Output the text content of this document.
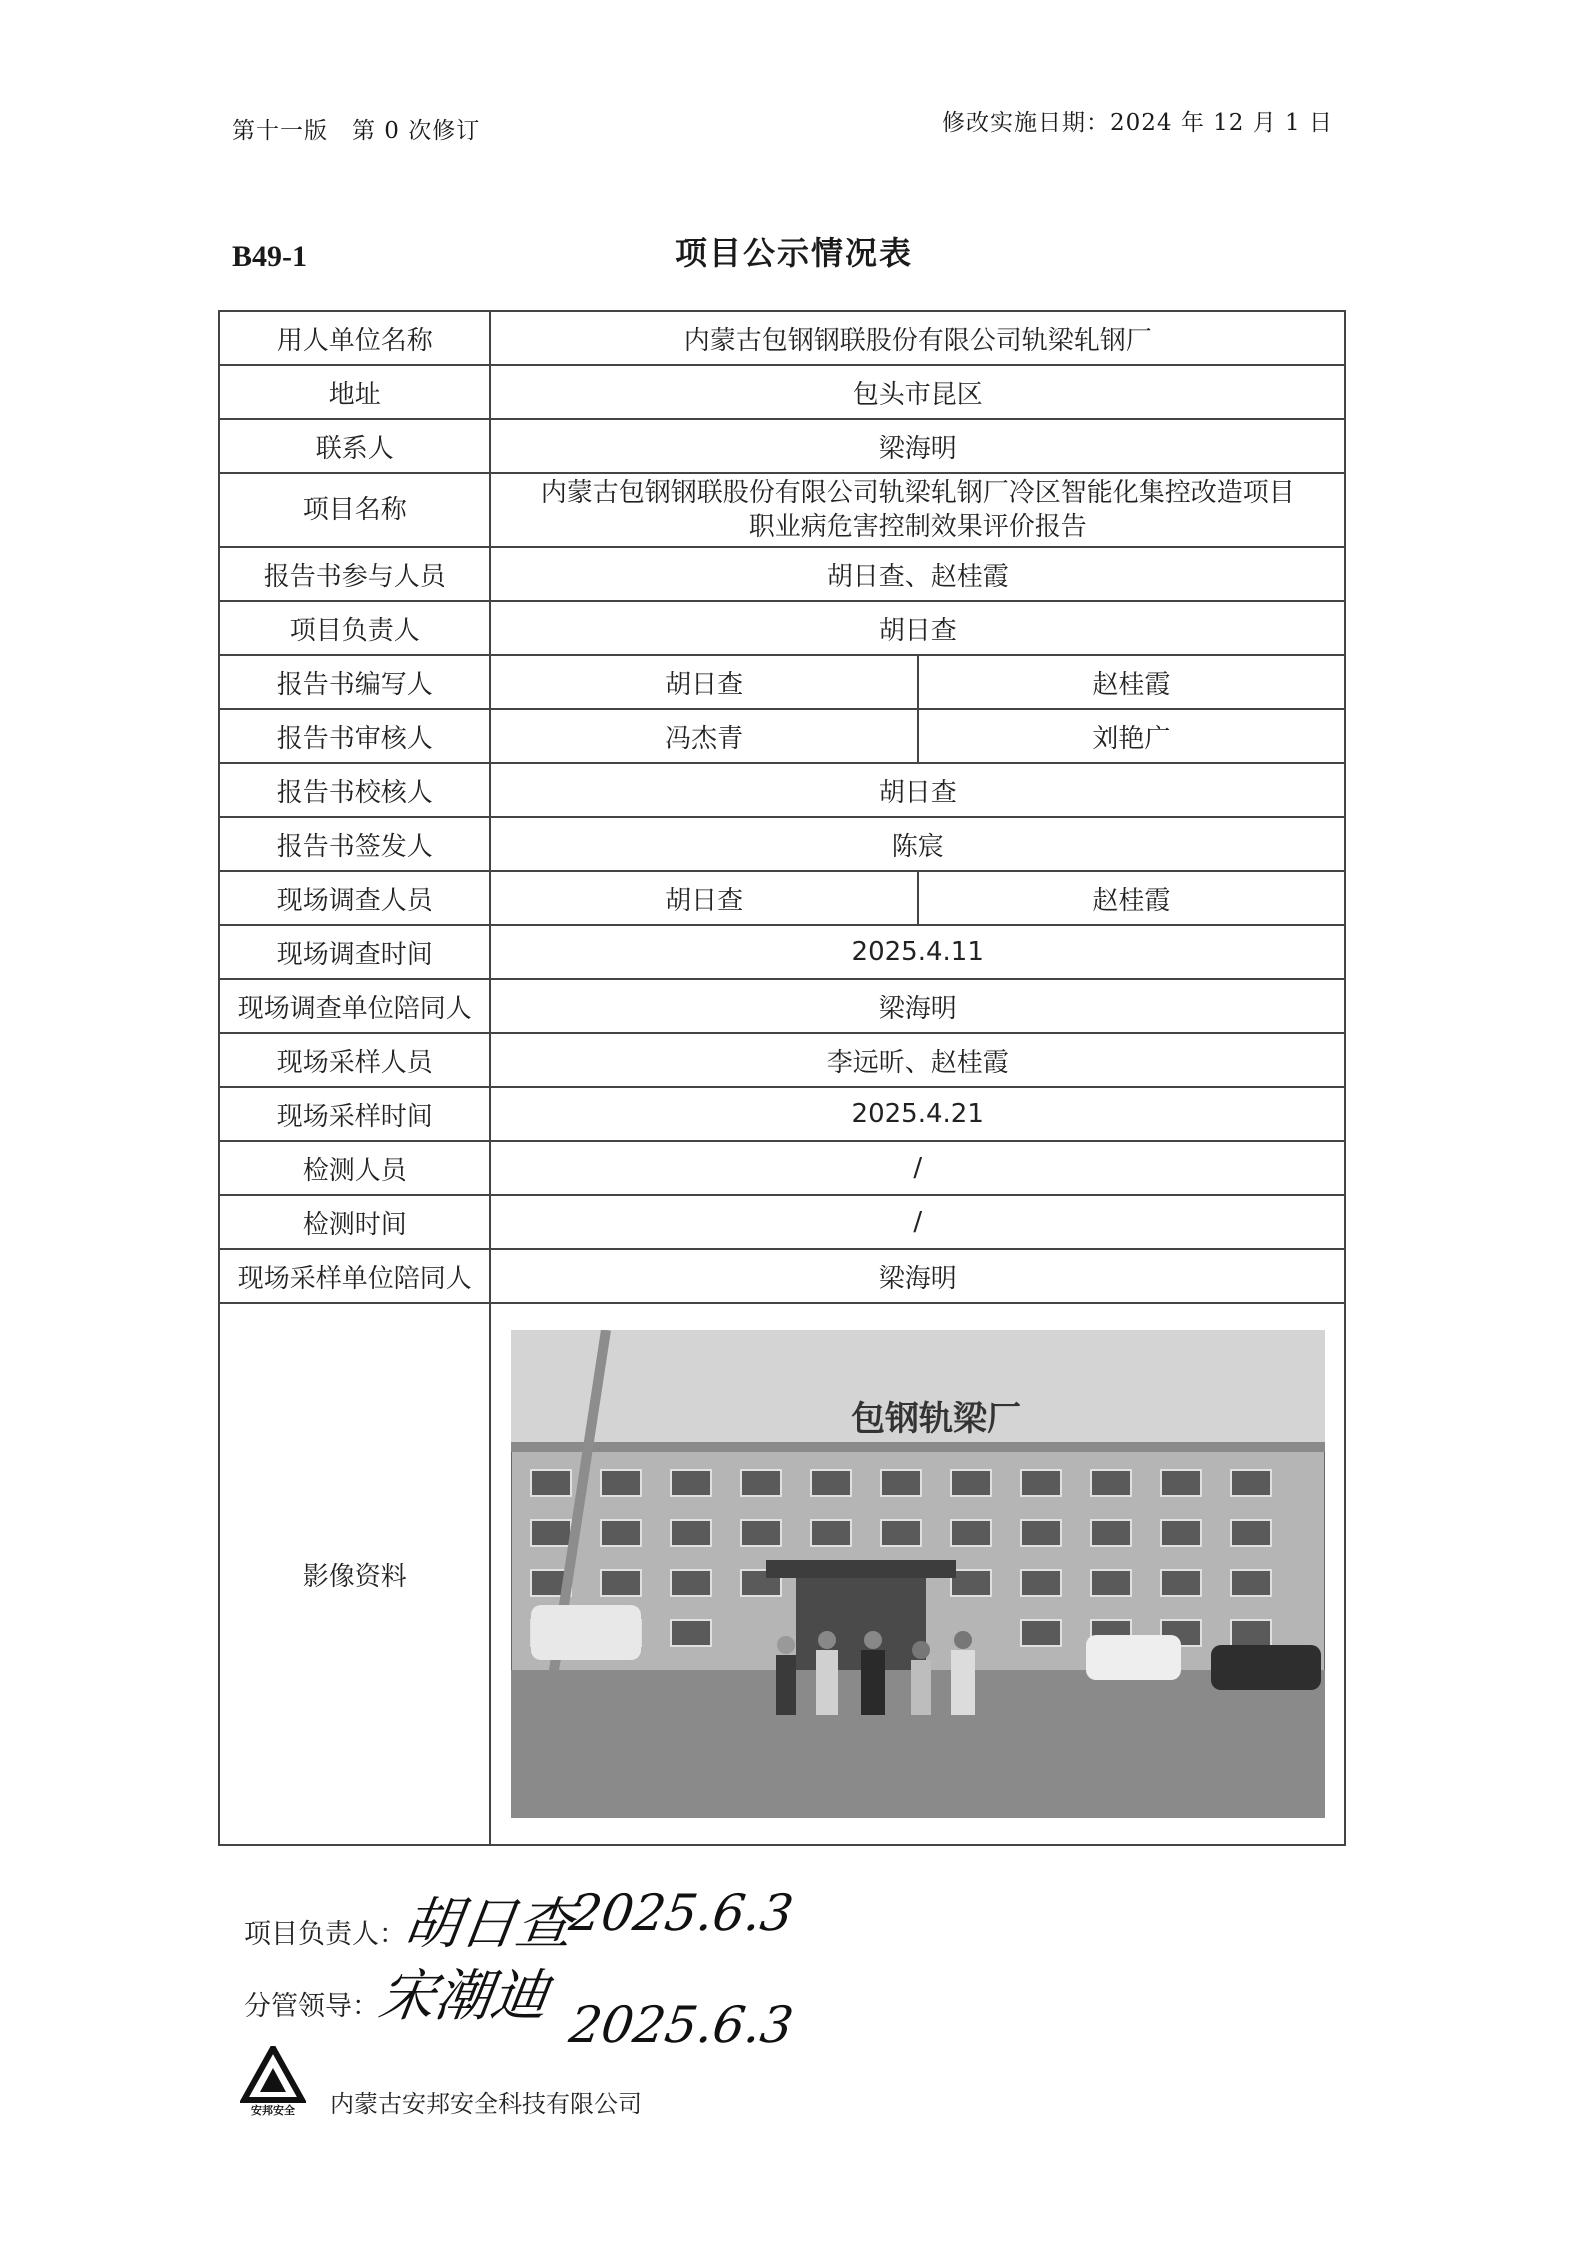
第十一版　第 0 次修订	修改实施日期：2024 年 12 月 1 日
B49-1	项目公示情况表
用人单位名称	内蒙古包钢钢联股份有限公司轨梁轧钢厂	
地址	包头市昆区	
联系人	梁海明	
项目名称	内蒙古包钢钢联股份有限公司轨梁轧钢厂冷区智能化集控改造项目
职业病危害控制效果评价报告	

报告书参与人员	胡日查、赵桂霞	
项目负责人	胡日查	
报告书编写人	胡日查	赵桂霞
报告书审核人	冯杰青	刘艳广
报告书校核人	胡日查	
报告书签发人	陈宸	
现场调查人员	胡日查	赵桂霞
现场调查时间	2025.4.11	
现场调查单位陪同人	梁海明	
现场采样人员	李远昕、赵桂霞	
现场采样时间	2025.4.21	
检测人员	/	
检测时间	/	
现场采样单位陪同人	梁海明	
影像资料	包钢轨梁厂	
项目负责人：
胡日查
2025.6.3
分管领导：
宋潮迪 2025.6.3
安邦安全 内蒙古安邦安全科技有限公司
